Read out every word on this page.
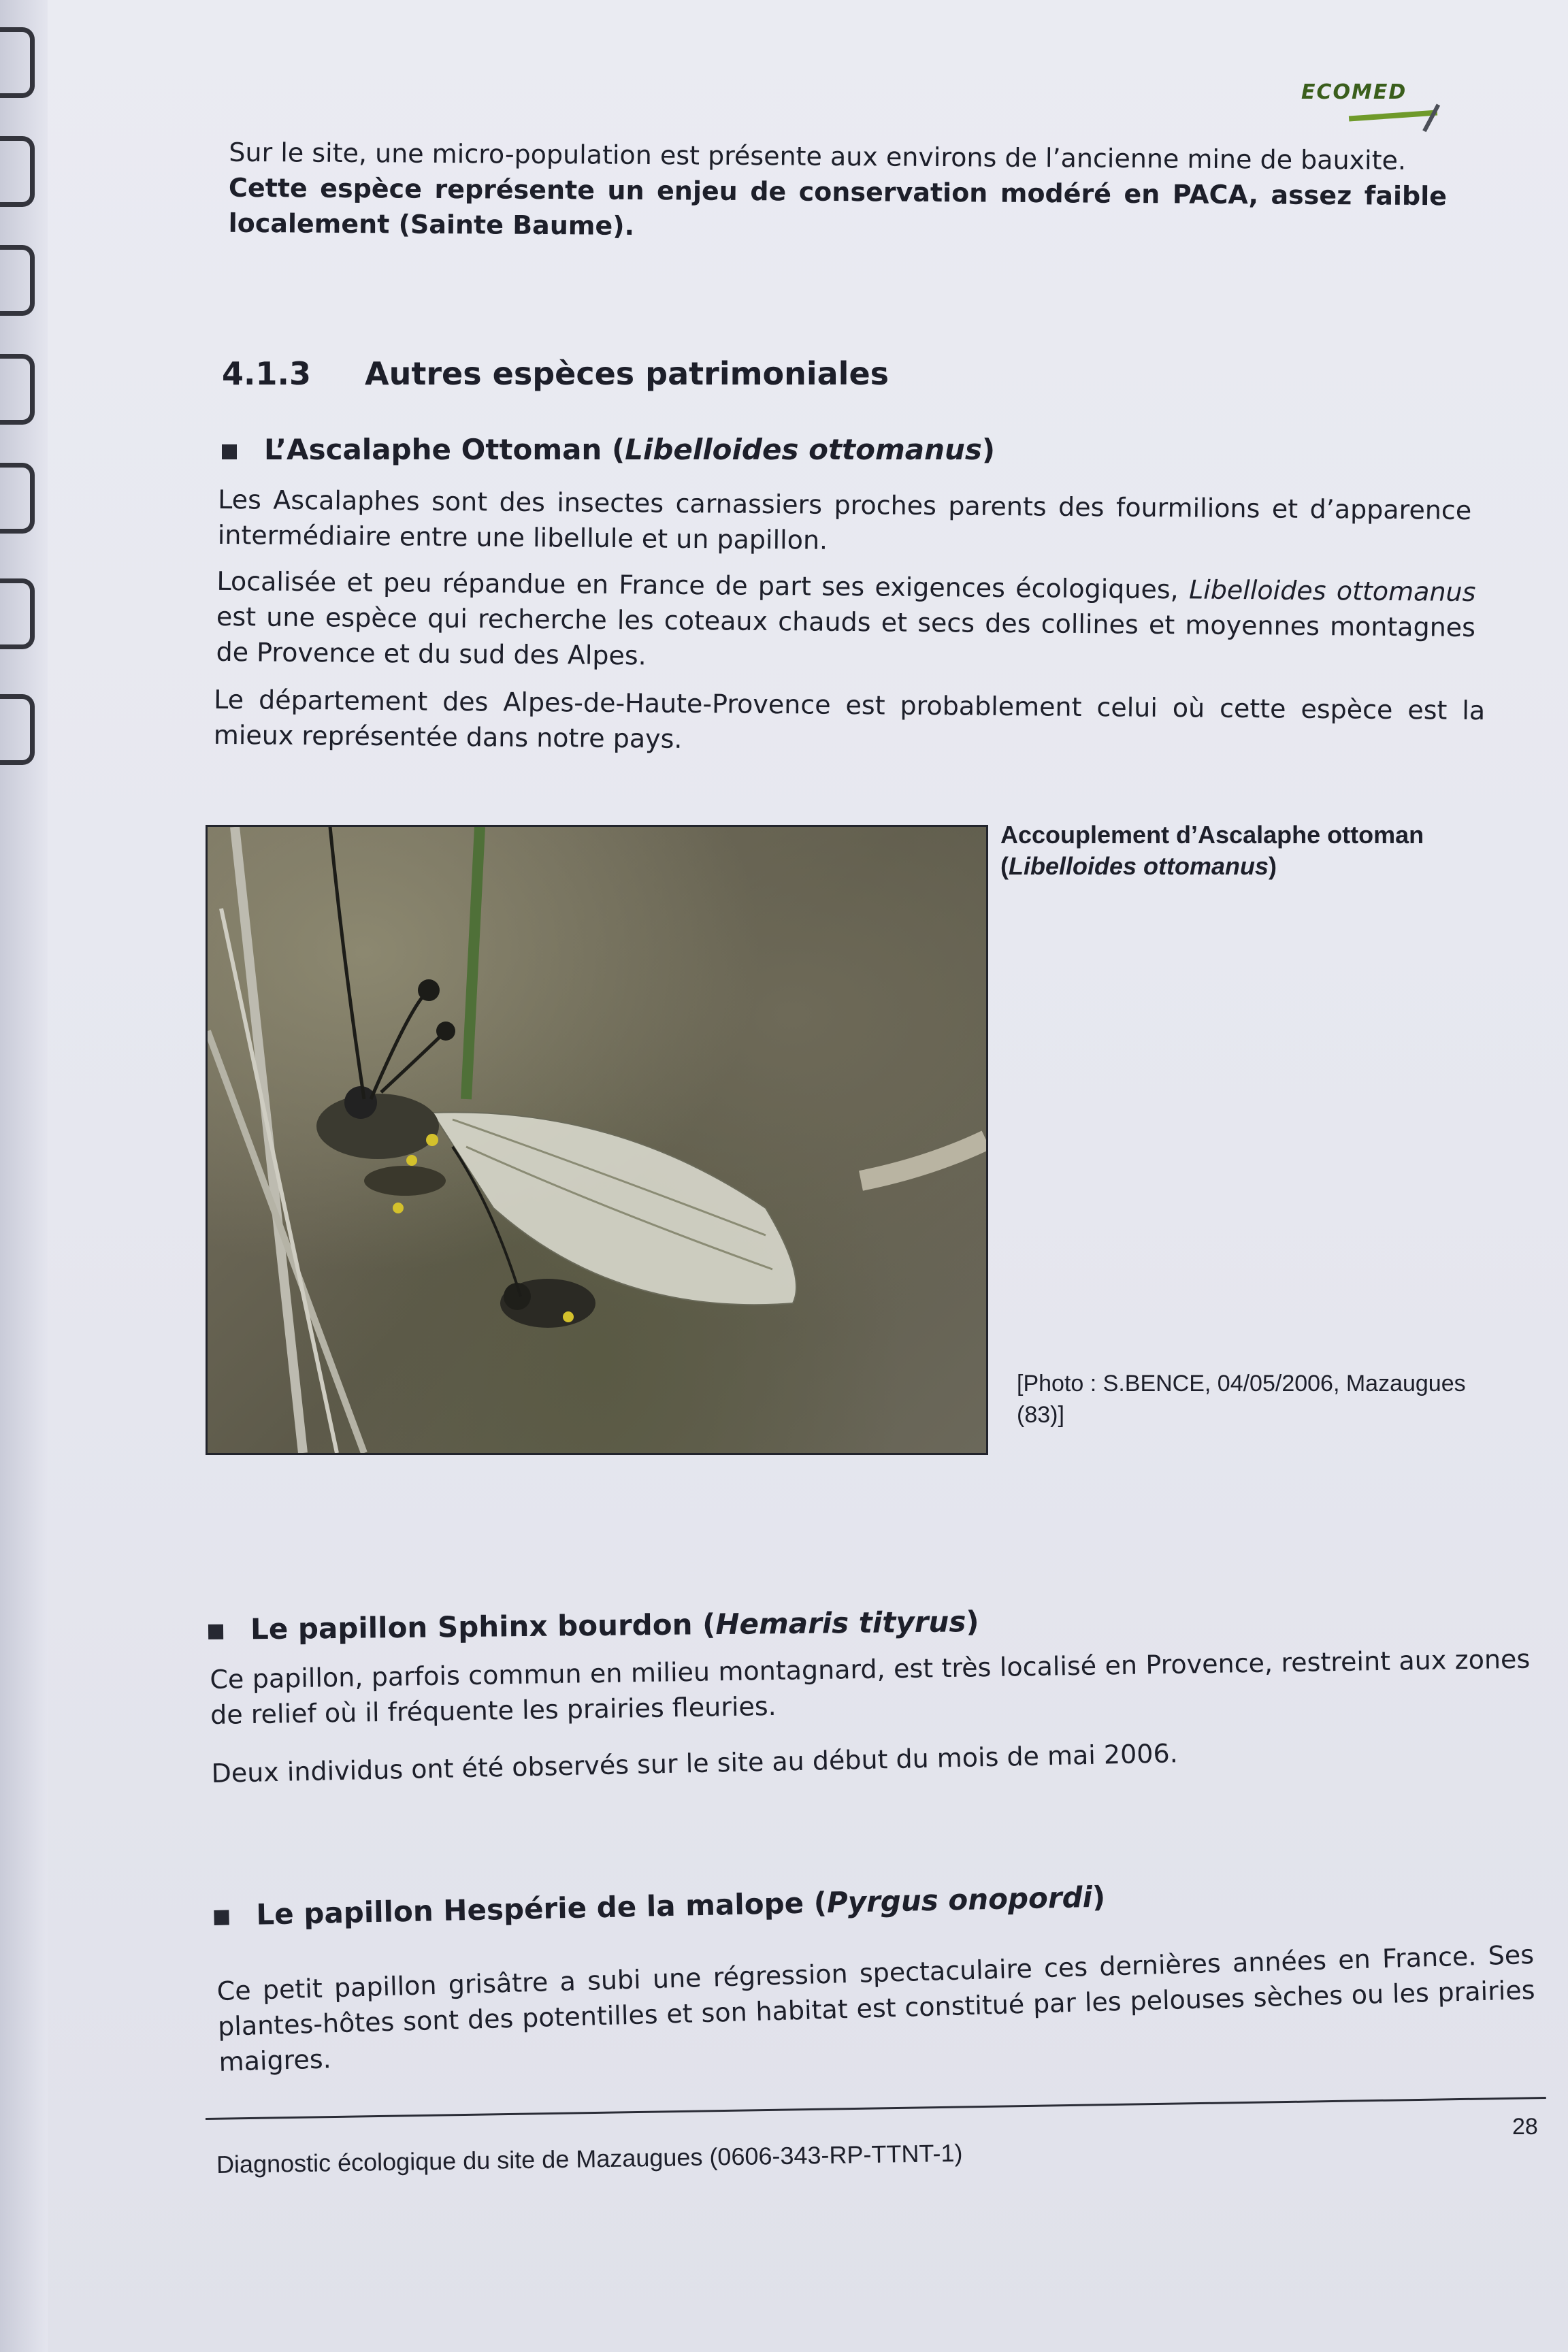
ECOMED
Sur le site, une micro-population est présente aux environs de l’ancienne mine de bauxite.
Cette espèce représente un enjeu de conservation modéré en PACA, assez faible localement (Sainte Baume).
4.1.3 Autres espèces patrimoniales
L’Ascalaphe Ottoman (Libelloides ottomanus)
Les Ascalaphes sont des insectes carnassiers proches parents des fourmilions et d’apparence intermédiaire entre une libellule et un papillon.
Localisée et peu répandue en France de part ses exigences écologiques, Libelloides ottomanus est une espèce qui recherche les coteaux chauds et secs des collines et moyennes montagnes de Provence et du sud des Alpes.
Le département des Alpes-de-Haute-Provence est probablement celui où cette espèce est la mieux représentée dans notre pays.
Accouplement d’Ascalaphe ottoman
(Libelloides ottomanus)
[Photo : S.BENCE, 04/05/2006, Mazaugues (83)]
Le papillon Sphinx bourdon (Hemaris tityrus)
Ce papillon, parfois commun en milieu montagnard, est très localisé en Provence, restreint aux zones de relief où il fréquente les prairies fleuries.
Deux individus ont été observés sur le site au début du mois de mai 2006.
Le papillon Hespérie de la malope (Pyrgus onopordi)
Ce petit papillon grisâtre a subi une régression spectaculaire ces dernières années en France. Ses plantes-hôtes sont des potentilles et son habitat est constitué par les pelouses sèches ou les prairies maigres.
Diagnostic écologique du site de Mazaugues (0606-343-RP-TTNT-1)
28
